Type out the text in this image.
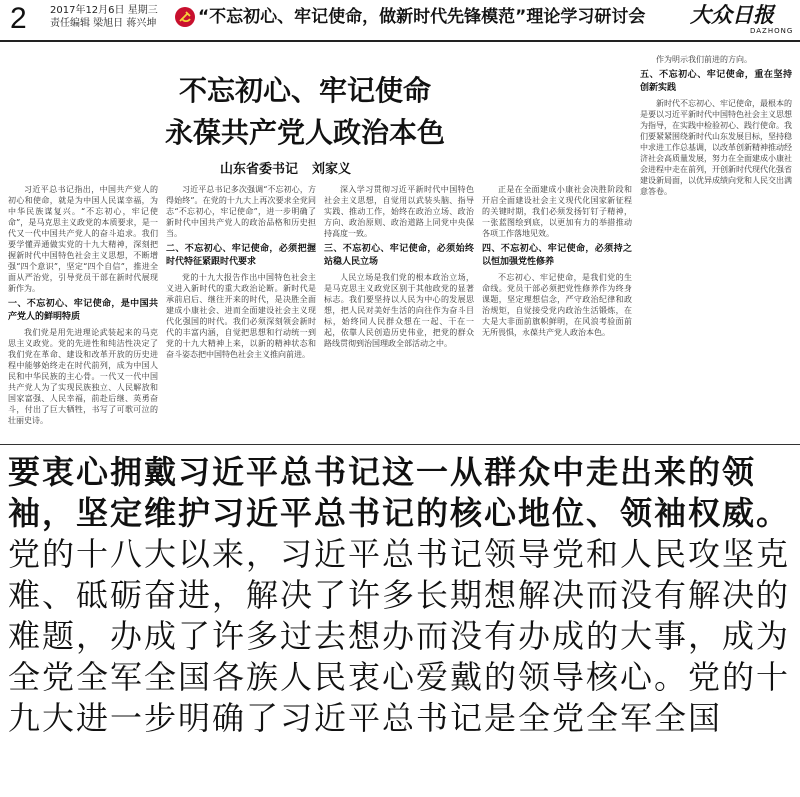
2 2017年12月6日 星期三
责任编辑 梁旭日 蒋兴坤 “不忘初心、牢记使命，做新时代先锋模范”理论学习研讨会 大众日报
DAZHONG
不忘初心、牢记使命
永葆共产党人政治本色
山东省委书记 刘家义

习近平总书记指出，中国共产党人的初心和使命，就是为中国人民谋幸福，为中华民族谋复兴。“不忘初心，牢记使命”，是马克思主义政党的本质要求，是一代又一代中国共产党人的奋斗追求。我们要学懂弄通做实党的十九大精神，深刻把握新时代中国特色社会主义思想，不断增强“四个意识”，坚定“四个自信”，推进全面从严治党，引导党员干部在新时代展现新作为。

一、不忘初心、牢记使命，是中国共产党人的鲜明特质

我们党是用先进理论武装起来的马克思主义政党。党的先进性和纯洁性决定了我们党在革命、建设和改革开放的历史进程中能够始终走在时代前列，成为中国人民和中华民族的主心骨。一代又一代中国共产党人为了实现民族独立、人民解放和国家富强、人民幸福，前赴后继、英勇奋斗，付出了巨大牺牲，书写了可歌可泣的壮丽史诗。

习近平总书记多次强调“不忘初心，方得始终”。在党的十九大上再次要求全党同志“不忘初心，牢记使命”，进一步明确了新时代中国共产党人的政治品格和历史担当。

二、不忘初心、牢记使命，必须把握时代特征紧跟时代要求

党的十九大报告作出中国特色社会主义进入新时代的重大政治论断。新时代是承前启后、继往开来的时代，是决胜全面建成小康社会、进而全面建设社会主义现代化强国的时代。我们必须深刻领会新时代的丰富内涵，自觉把思想和行动统一到党的十九大精神上来，以新的精神状态和奋斗姿态把中国特色社会主义推向前进。

深入学习贯彻习近平新时代中国特色社会主义思想，自觉用以武装头脑、指导实践、推动工作，始终在政治立场、政治方向、政治原则、政治道路上同党中央保持高度一致。

三、不忘初心、牢记使命，必须始终站稳人民立场

人民立场是我们党的根本政治立场，是马克思主义政党区别于其他政党的显著标志。我们要坚持以人民为中心的发展思想，把人民对美好生活的向往作为奋斗目标，始终同人民群众想在一起、干在一起，依靠人民创造历史伟业，把党的群众路线贯彻到治国理政全部活动之中。

正是在全面建成小康社会决胜阶段和开启全面建设社会主义现代化国家新征程的关键时期，我们必须发扬钉钉子精神，一张蓝图绘到底，以更加有力的举措推动各项工作落地见效。

四、不忘初心、牢记使命，必须持之以恒加强党性修养

不忘初心、牢记使命，是我们党的生命线。党员干部必须把党性修养作为终身课题，坚定理想信念，严守政治纪律和政治规矩，自觉接受党内政治生活锻炼，在大是大非面前旗帜鲜明，在风浪考验面前无所畏惧，永葆共产党人政治本色。

作为明示我们前进的方向。

五、不忘初心、牢记使命，重在坚持创新实践

新时代不忘初心、牢记使命，最根本的是要以习近平新时代中国特色社会主义思想为指导，在实践中检验初心、践行使命。我们要紧紧围绕新时代山东发展目标，坚持稳中求进工作总基调，以改革创新精神推动经济社会高质量发展，努力在全面建成小康社会进程中走在前列，开创新时代现代化强省建设新局面，以优异成绩向党和人民交出满意答卷。

要衷心拥戴习近平总书记这一从群众中走出来的领袖，坚定维护习近平总书记的核心地位、领袖权威。党的十八大以来，习近平总书记领导党和人民攻坚克难、砥砺奋进，解决了许多长期想解决而没有解决的难题，办成了许多过去想办而没有办成的大事，成为全党全军全国各族人民衷心爱戴的领导核心。党的十九大进一步明确了习近平总书记是全党全军全国
